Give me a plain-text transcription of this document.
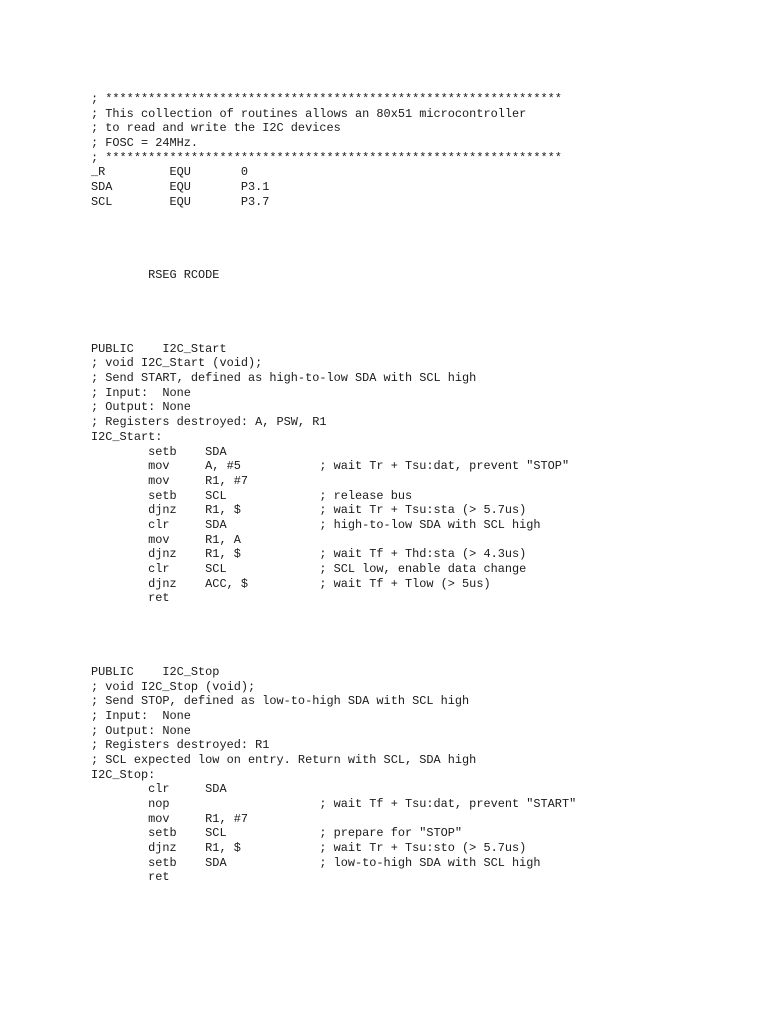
; ****************************************************************
; This collection of routines allows an 80x51 microcontroller
; to read and write the I2C devices
; FOSC = 24MHz.
; ****************************************************************
_R         EQU       0
SDA        EQU       P3.1
SCL        EQU       P3.7

RSEG RCODE

PUBLIC    I2C_Start
; void I2C_Start (void);
; Send START, defined as high-to-low SDA with SCL high
; Input:  None
; Output: None
; Registers destroyed: A, PSW, R1
I2C_Start:
setb    SDA
mov     A, #5           ; wait Tr + Tsu:dat, prevent "STOP"
mov     R1, #7
setb    SCL             ; release bus
djnz    R1, $           ; wait Tr + Tsu:sta (> 5.7us)
clr     SDA             ; high-to-low SDA with SCL high
mov     R1, A
djnz    R1, $           ; wait Tf + Thd:sta (> 4.3us)
clr     SCL             ; SCL low, enable data change
djnz    ACC, $          ; wait Tf + Tlow (> 5us)
ret

PUBLIC    I2C_Stop
; void I2C_Stop (void);
; Send STOP, defined as low-to-high SDA with SCL high
; Input:  None
; Output: None
; Registers destroyed: R1
; SCL expected low on entry. Return with SCL, SDA high
I2C_Stop:
clr     SDA
nop                     ; wait Tf + Tsu:dat, prevent "START"
mov     R1, #7
setb    SCL             ; prepare for "STOP"
djnz    R1, $           ; wait Tr + Tsu:sto (> 5.7us)
setb    SDA             ; low-to-high SDA with SCL high
ret
